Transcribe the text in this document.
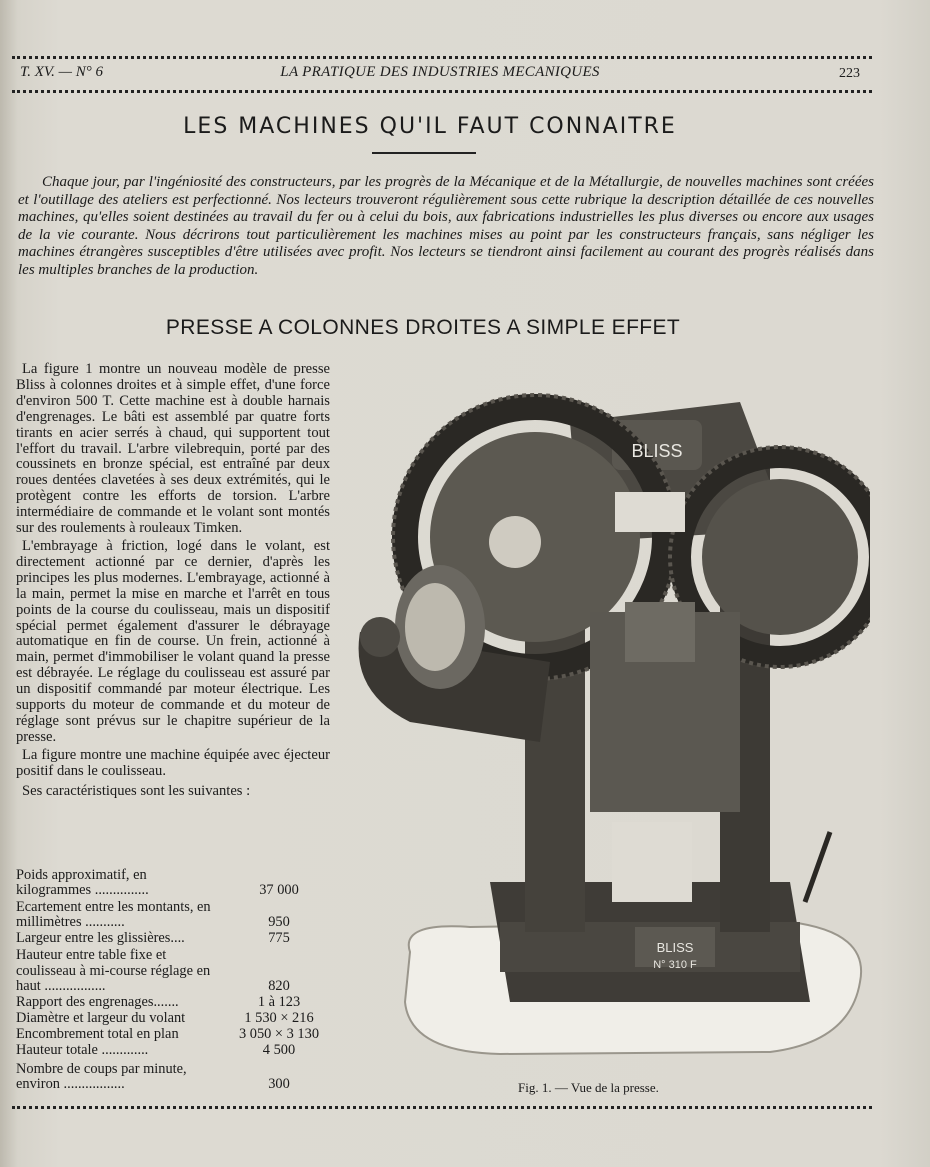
T. XV. — N° 6	LA PRATIQUE DES INDUSTRIES MECANIQUES	223
LES MACHINES QU'IL FAUT CONNAITRE

Chaque jour, par l'ingéniosité des constructeurs, par les progrès de la Mécanique et de la Métallurgie, de nouvelles machines sont créées et l'outillage des ateliers est perfectionné. Nos lecteurs trouveront régulièrement sous cette rubrique la description détaillée de ces nouvelles machines, qu'elles soient destinées au travail du fer ou à celui du bois, aux fabrications industrielles les plus diverses ou encore aux usages de la vie courante. Nous décrirons tout particulièrement les machines mises au point par les constructeurs français, sans négliger les machines étrangères susceptibles d'être utilisées avec profit. Nos lecteurs se tiendront ainsi facilement au courant des progrès réalisés dans les multiples branches de la production.

PRESSE A COLONNES DROITES A SIMPLE EFFET

La figure 1 montre un nouveau modèle de presse Bliss à colonnes droites et à simple effet, d'une force d'environ 500 T. Cette machine est à double harnais d'engrenages. Le bâti est assemblé par quatre forts tirants en acier serrés à chaud, qui supportent tout l'effort du travail. L'arbre vilebrequin, porté par des coussinets en bronze spécial, est entraîné par deux roues dentées clavetées à ses deux extrémités, qui le protègent contre les efforts de torsion. L'arbre intermédiaire de commande et le volant sont montés sur des roulements à rouleaux Timken.

L'embrayage à friction, logé dans le volant, est directement actionné par ce dernier, d'après les principes les plus modernes. L'embrayage, actionné à la main, permet la mise en marche et l'arrêt en tous points de la course du coulisseau, mais un dispositif spécial permet également d'assurer le débrayage automatique en fin de course. Un frein, actionné à main, permet d'immobiliser le volant quand la presse est débrayée. Le réglage du coulisseau est assuré par un dispositif commandé par moteur électrique. Les supports du moteur de commande et du moteur de réglage sont prévus sur le chapitre supérieur de la presse.

La figure montre une machine équipée avec éjecteur positif dans le coulisseau.

Ses caractéristiques sont les suivantes :

Poids approximatif, en kilogrammes ...............	37 000
Ecartement entre les montants, en millimètres ...........	950
Largeur entre les glissières....	775
Hauteur entre table fixe et coulisseau à mi-course réglage en haut .................	820
Rapport des engrenages.......	1 à 123
Diamètre et largeur du volant	1 530 × 216
Encombrement total en plan	3 050 × 3 130
Hauteur totale .............	4 500
Nombre de coups par minute, environ .................	300
BLISS
BLISS
N° 310 F
Fig. 1. — Vue de la presse.
